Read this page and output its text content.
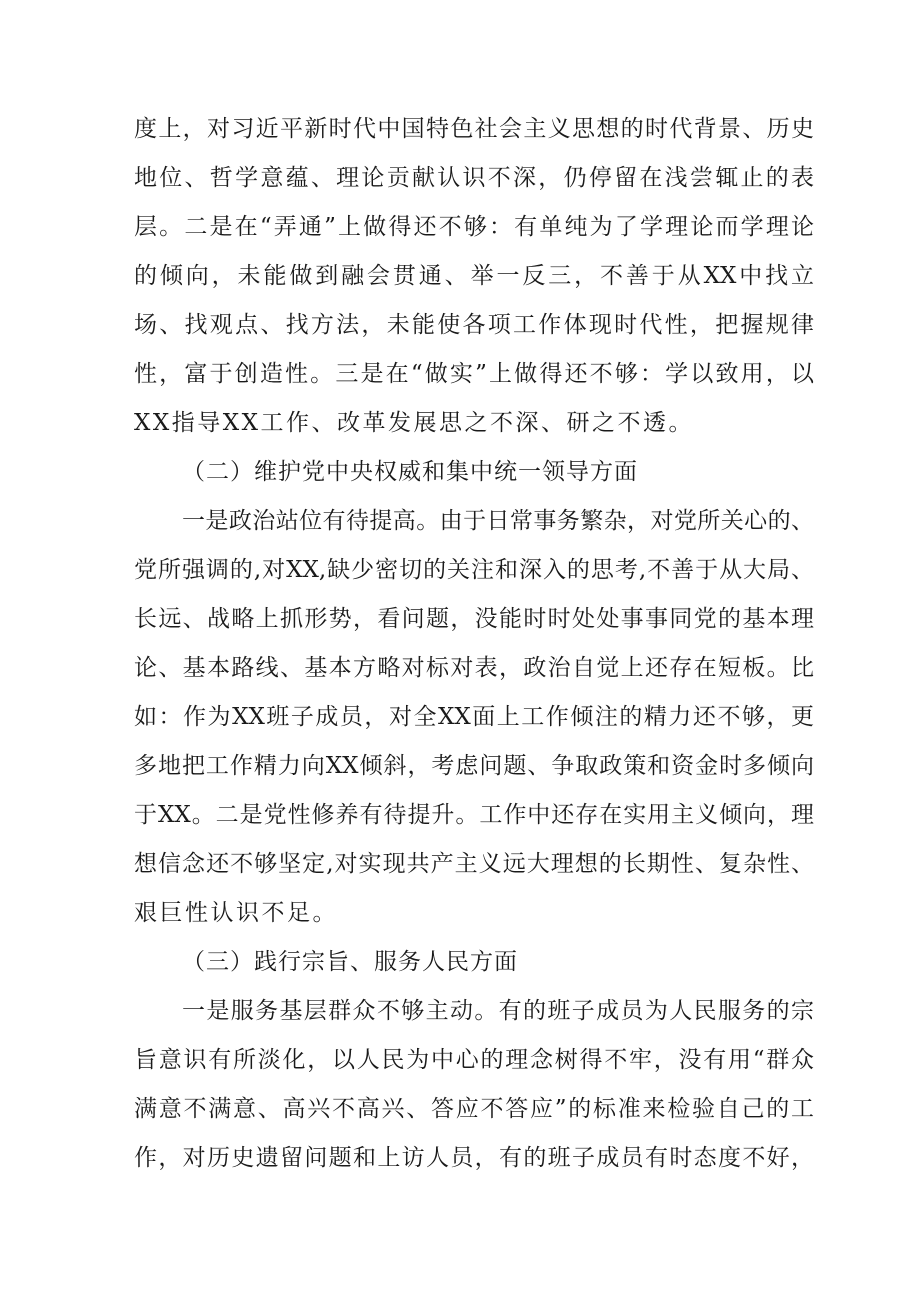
度上，对习近平新时代中国特色社会主义思想的时代背景、历史

地位、哲学意蕴、理论贡献认识不深，仍停留在浅尝辄止的表

层。二是在“弄通”上做得还不够：有单纯为了学理论而学理论

的倾向，未能做到融会贯通、举一反三，不善于从XX中找立

场、找观点、找方法，未能使各项工作体现时代性，把握规律

性，富于创造性。三是在“做实”上做得还不够：学以致用，以

XX指导XX工作、改革发展思之不深、研之不透。

（二）维护党中央权威和集中统一领导方面

一是政治站位有待提高。由于日常事务繁杂，对党所关心的、

党所强调的,对XX,缺少密切的关注和深入的思考,不善于从大局、

长远、战略上抓形势，看问题，没能时时处处事事同党的基本理

论、基本路线、基本方略对标对表，政治自觉上还存在短板。比

如：作为XX班子成员，对全XX面上工作倾注的精力还不够，更

多地把工作精力向XX倾斜，考虑问题、争取政策和资金时多倾向

于XX。二是党性修养有待提升。工作中还存在实用主义倾向，理

想信念还不够坚定,对实现共产主义远大理想的长期性、复杂性、

艰巨性认识不足。

（三）践行宗旨、服务人民方面

一是服务基层群众不够主动。有的班子成员为人民服务的宗

旨意识有所淡化，以人民为中心的理念树得不牢，没有用“群众

满意不满意、高兴不高兴、答应不答应”的标准来检验自己的工

作，对历史遗留问题和上访人员，有的班子成员有时态度不好，
